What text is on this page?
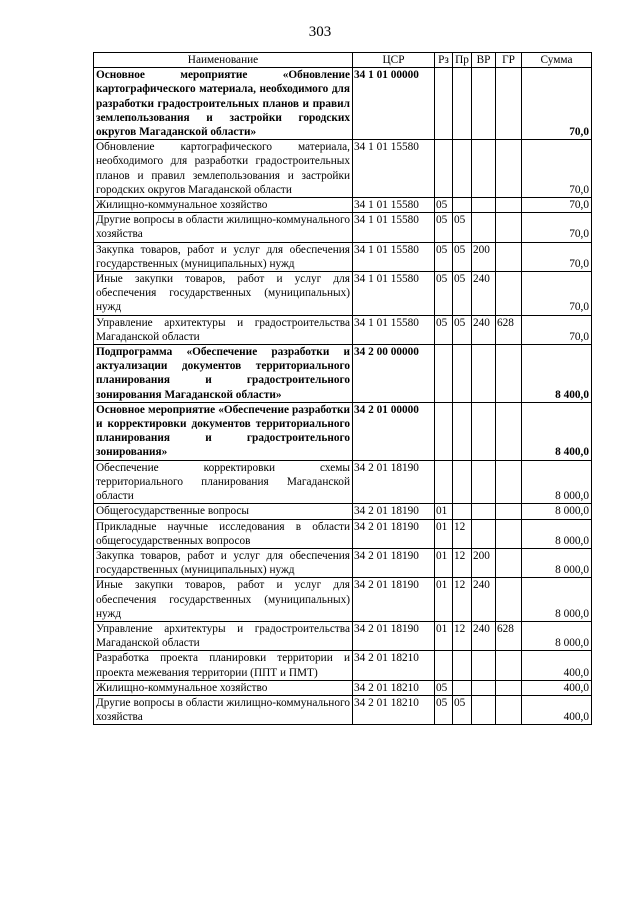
303
Наименование	ЦСР	Рз	Пр	ВР	ГР	Сумма
Основное мероприятие «Обновление картографического материала, необходимого для разработки градостроительных планов и правил землепользования и застройки городских округов Магаданской области»	34 1 01 00000					70,0
Обновление картографического материала, необходимого для разработки градостроительных планов и правил землепользования и застройки городских округов Магаданской области	34 1 01 15580					70,0
Жилищно-коммунальное хозяйство	34 1 01 15580	05				70,0
Другие вопросы в области жилищно-коммунального хозяйства	34 1 01 15580	05	05			70,0
Закупка товаров, работ и услуг для обеспечения государственных (муниципальных) нужд	34 1 01 15580	05	05	200		70,0
Иные закупки товаров, работ и услуг для обеспечения государственных (муниципальных) нужд	34 1 01 15580	05	05	240		70,0
Управление архитектуры и градостроительства Магаданской области	34 1 01 15580	05	05	240	628	70,0
Подпрограмма «Обеспечение разработки и актуализации документов территориального планирования и градостроительного зонирования Магаданской области»	34 2 00 00000					8 400,0
Основное мероприятие «Обеспечение разработки и корректировки документов территориального планирования и градостроительного зонирования»	34 2 01 00000					8 400,0
Обеспечение корректировки схемы территориального планирования Магаданской области	34 2 01 18190					8 000,0
Общегосударственные вопросы	34 2 01 18190	01				8 000,0
Прикладные научные исследования в области общегосударственных вопросов	34 2 01 18190	01	12			8 000,0
Закупка товаров, работ и услуг для обеспечения государственных (муниципальных) нужд	34 2 01 18190	01	12	200		8 000,0
Иные закупки товаров, работ и услуг для обеспечения государственных (муниципальных) нужд	34 2 01 18190	01	12	240		8 000,0
Управление архитектуры и градостроительства Магаданской области	34 2 01 18190	01	12	240	628	8 000,0
Разработка проекта планировки территории и проекта межевания территории (ППТ и ПМТ)	34 2 01 18210					400,0
Жилищно-коммунальное хозяйство	34 2 01 18210	05				400,0
Другие вопросы в области жилищно-коммунального хозяйства	34 2 01 18210	05	05			400,0
